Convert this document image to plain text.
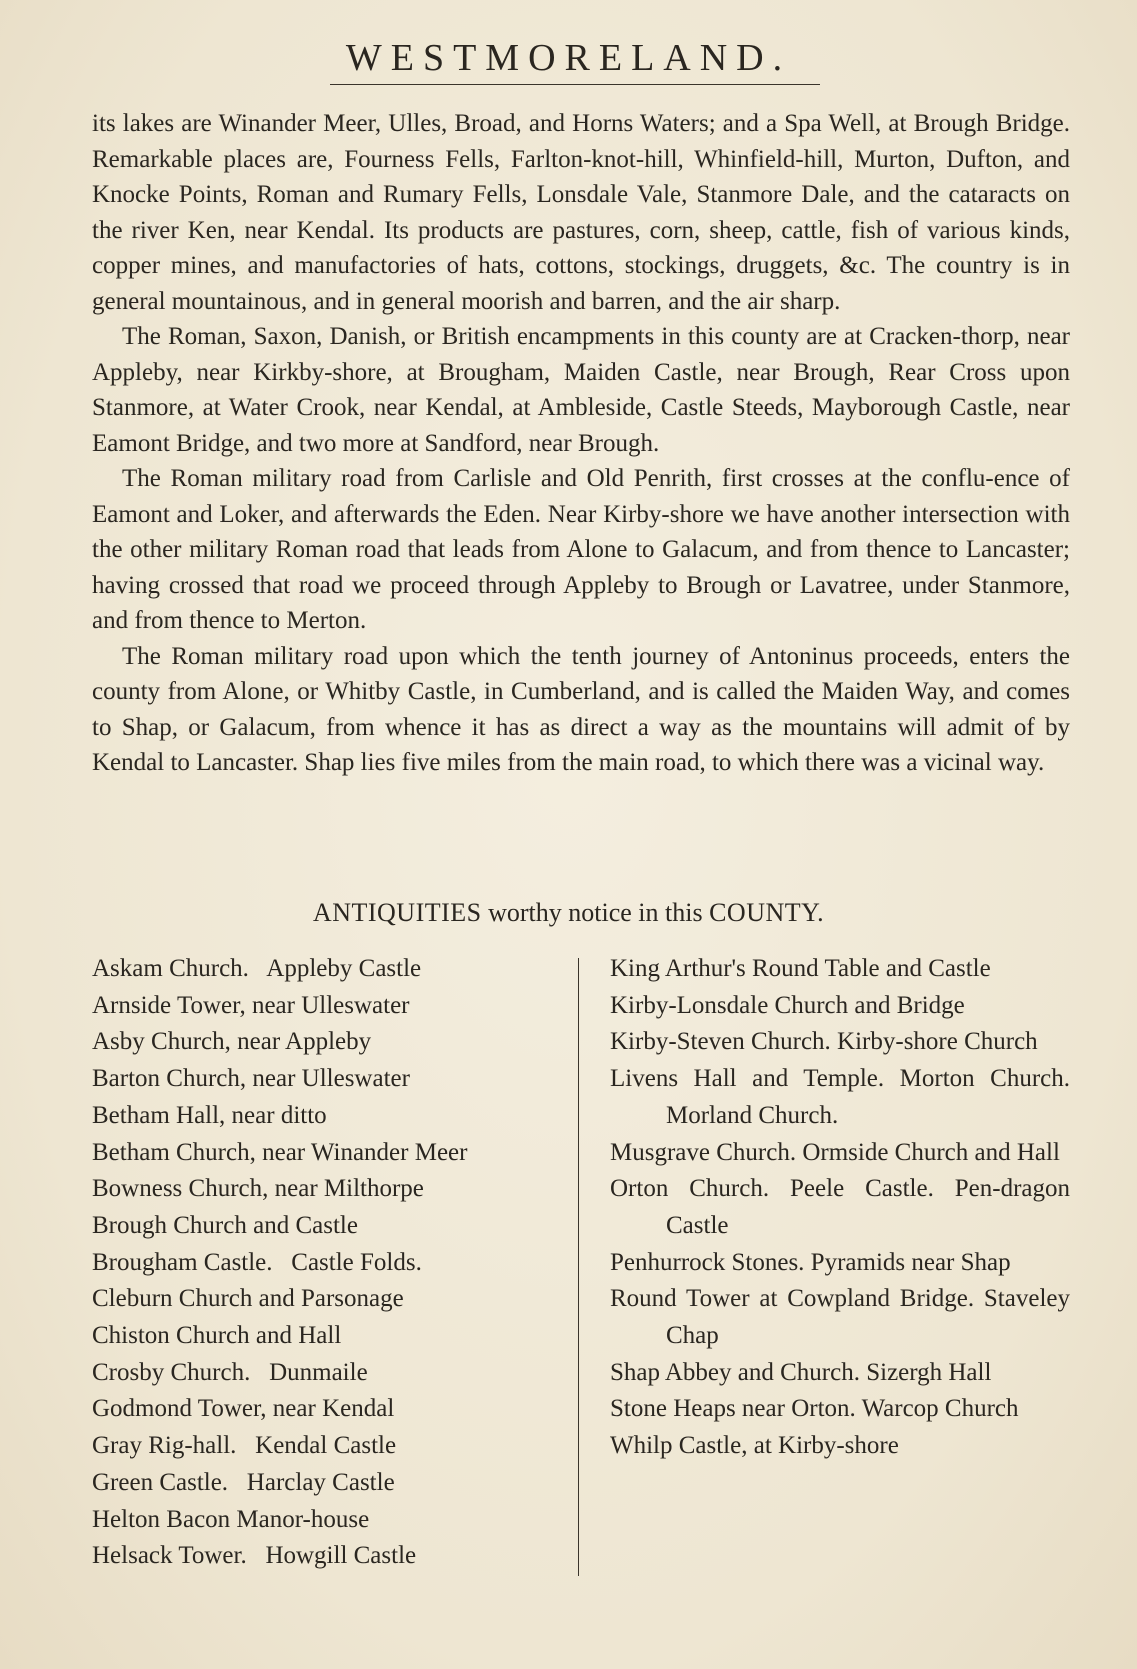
WESTMORELAND.

its lakes are Winander Meer, Ulles, Broad, and Horns Waters; and a Spa Well, at Brough Bridge. Remarkable places are, Fourness Fells, Farlton-knot-hill, Whinfield-hill, Murton, Dufton, and Knocke Points, Roman and Rumary Fells, Lonsdale Vale, Stanmore Dale, and the cataracts on the river Ken, near Kendal. Its products are pastures, corn, sheep, cattle, fish of various kinds, copper mines, and manufactories of hats, cottons, stockings, druggets, &c. The country is in general mountainous, and in general moorish and barren, and the air sharp.

The Roman, Saxon, Danish, or British encampments in this county are at Cracken-thorp, near Appleby, near Kirkby-shore, at Brougham, Maiden Castle, near Brough, Rear Cross upon Stanmore, at Water Crook, near Kendal, at Ambleside, Castle Steeds, Mayborough Castle, near Eamont Bridge, and two more at Sandford, near Brough.

The Roman military road from Carlisle and Old Penrith, first crosses at the conflu-ence of Eamont and Loker, and afterwards the Eden. Near Kirby-shore we have another intersection with the other military Roman road that leads from Alone to Galacum, and from thence to Lancaster; having crossed that road we proceed through Appleby to Brough or Lavatree, under Stanmore, and from thence to Merton.

The Roman military road upon which the tenth journey of Antoninus proceeds, enters the county from Alone, or Whitby Castle, in Cumberland, and is called the Maiden Way, and comes to Shap, or Galacum, from whence it has as direct a way as the mountains will admit of by Kendal to Lancaster. Shap lies five miles from the main road, to which there was a vicinal way.

ANTIQUITIES worthy notice in this COUNTY.
Askam Church.   Appleby Castle
Arnside Tower, near Ulleswater
Asby Church, near Appleby
Barton Church, near Ulleswater
Betham Hall, near ditto
Betham Church, near Winander Meer
Bowness Church, near Milthorpe
Brough Church and Castle
Brougham Castle.   Castle Folds.
Cleburn Church and Parsonage
Chiston Church and Hall
Crosby Church.   Dunmaile
Godmond Tower, near Kendal
Gray Rig-hall.   Kendal Castle
Green Castle.   Harclay Castle
Helton Bacon Manor-house
Helsack Tower.   Howgill Castle
King Arthur's Round Table and Castle
Kirby-Lonsdale Church and Bridge
Kirby-Steven Church. Kirby-shore Church
Livens Hall and Temple. Morton Church. Morland Church.
Musgrave Church. Ormside Church and Hall
Orton Church. Peele Castle. Pen-dragon Castle
Penhurrock Stones. Pyramids near Shap
Round Tower at Cowpland Bridge. Staveley Chap
Shap Abbey and Church. Sizergh Hall
Stone Heaps near Orton. Warcop Church
Whilp Castle, at Kirby-shore
